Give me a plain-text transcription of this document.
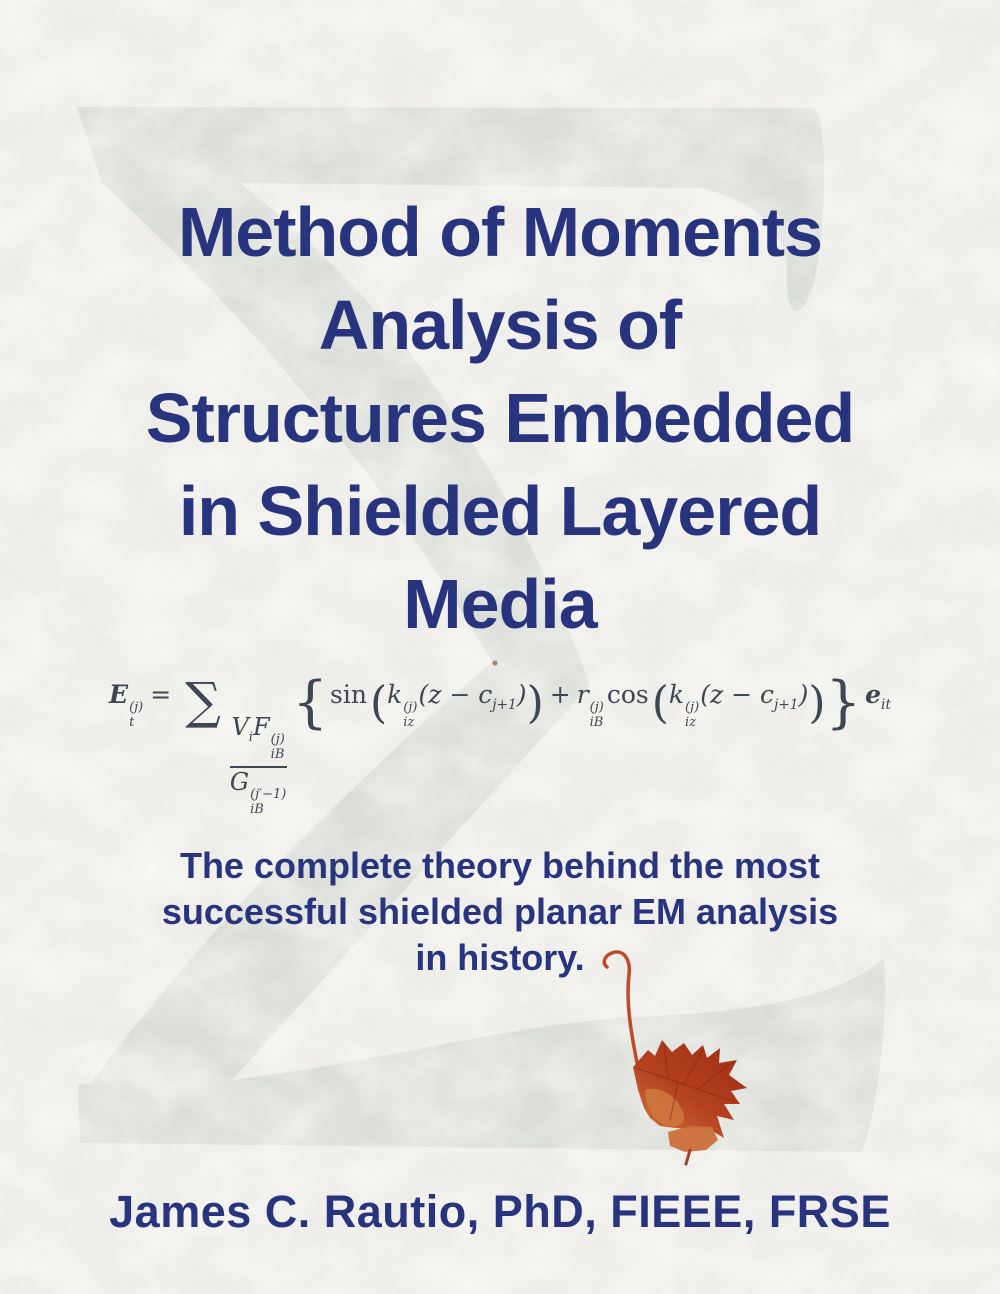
Method of Moments
Analysis of
Structures Embedded
in Shielded Layered
Media
E (j)
t
= ∑
$V_iF$ (j)
iB
G (j′−1)
iB
{sin(k (j)
iz
$(z - c_{j+1})) + r$ (j)
iB
cos(k (j)
iz
$(z - c_{j+1})$)} $e_{it}$
The complete theory behind the most
successful shielded planar EM analysis
in history.
James C. Rautio, PhD, FIEEE, FRSE
